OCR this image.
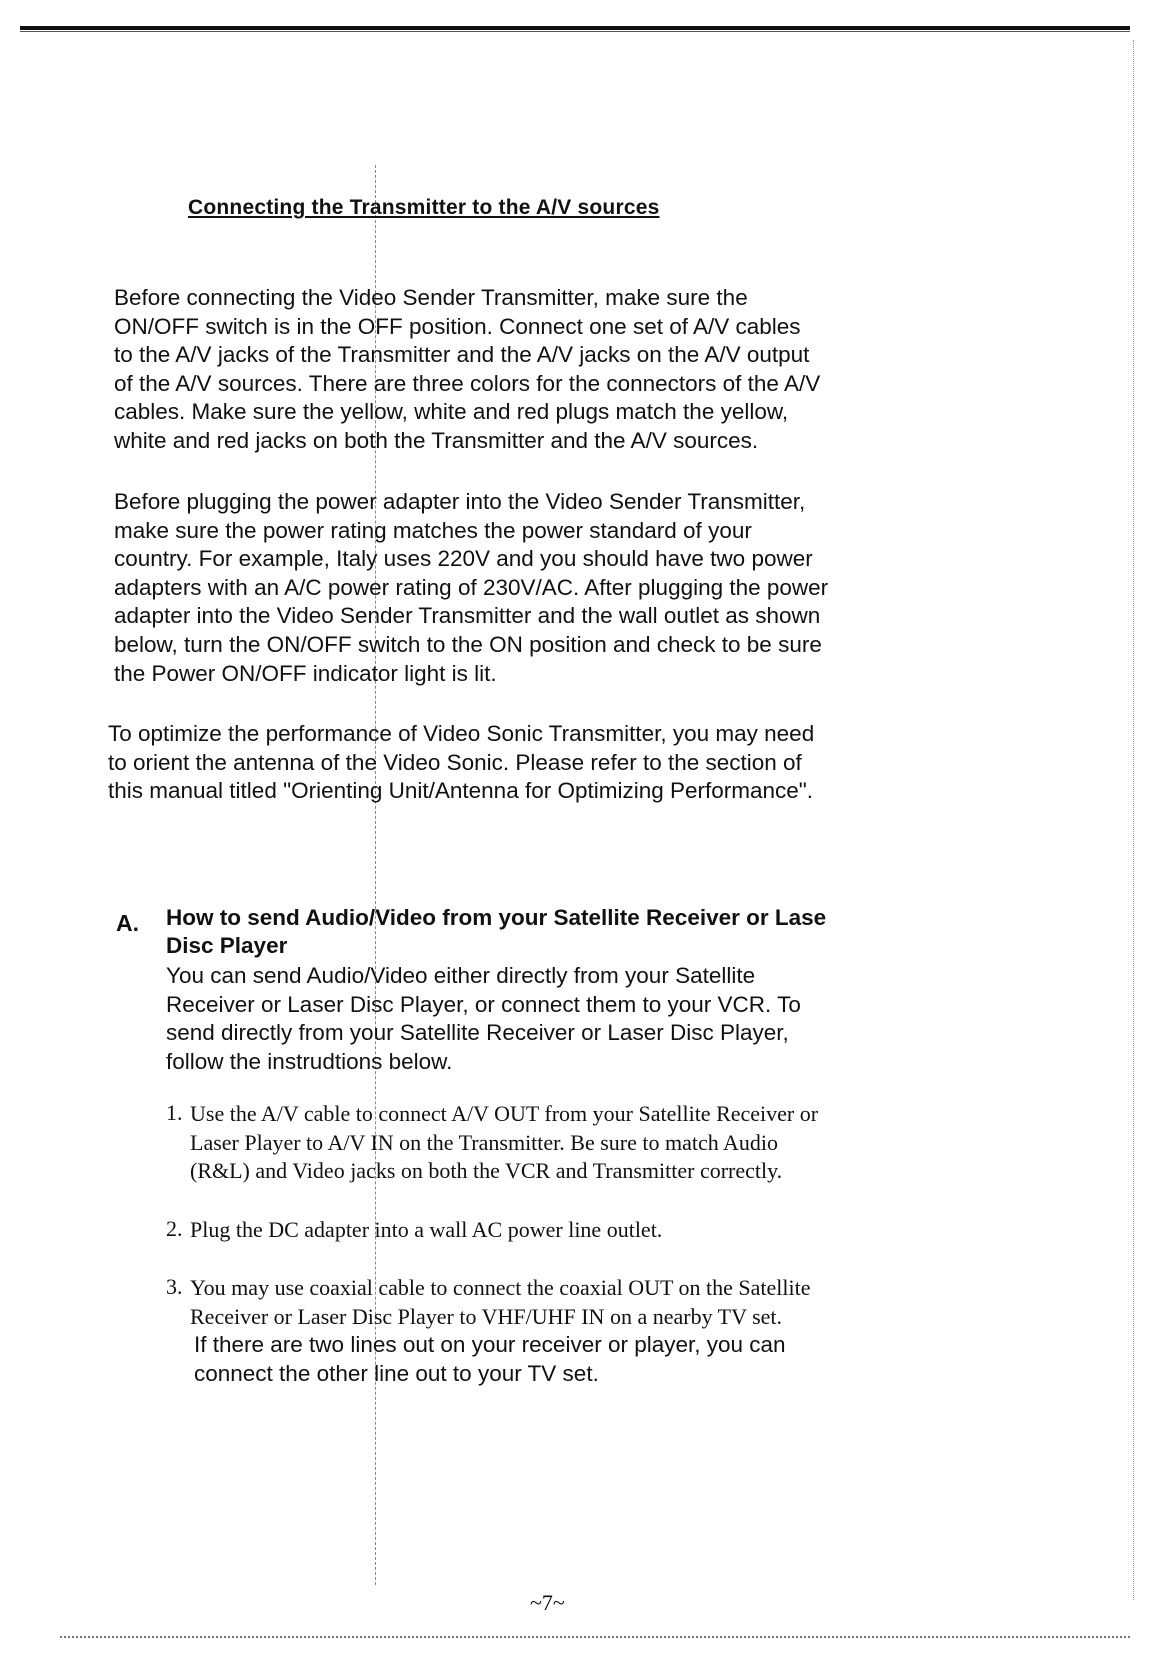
Connecting the Transmitter to the A/V sources
Before connecting the Video Sender Transmitter, make sure the
ON/OFF switch is in the OFF position. Connect one set of A/V cables
to the A/V jacks of the Transmitter and the A/V jacks on the A/V output
of the A/V sources. There are three colors for the connectors of the A/V
cables. Make sure the yellow, white and red plugs match the yellow,
white and red jacks on both the Transmitter and the A/V sources.
Before plugging the power adapter into the Video Sender Transmitter,
make sure the power rating matches the power standard of your
country. For example, Italy uses 220V and you should have two power
adapters with an A/C power rating of 230V/AC. After plugging the power
adapter into the Video Sender Transmitter and the wall outlet as shown
below, turn the ON/OFF switch to the ON position and check to be sure
the Power ON/OFF indicator light is lit.
To optimize the performance of Video Sonic Transmitter, you may need
to orient the antenna of the Video Sonic. Please refer to the section of
this manual titled "Orienting Unit/Antenna for Optimizing Performance".
A. How to send Audio/Video from your Satellite Receiver or Lase
Disc Player
You can send Audio/Video either directly from your Satellite
Receiver or Laser Disc Player, or connect them to your VCR. To
send directly from your Satellite Receiver or Laser Disc Player,
follow the instrudtions below.
1. Use the A/V cable to connect A/V OUT from your Satellite Receiver or
Laser Player to A/V IN on the Transmitter. Be sure to match Audio
(R&L) and Video jacks on both the VCR and Transmitter correctly.
2. Plug the DC adapter into a wall AC power line outlet.
3. You may use coaxial cable to connect the coaxial OUT on the Satellite
Receiver or Laser Disc Player to VHF/UHF IN on a nearby TV set.
If there are two lines out on your receiver or player, you can
connect the other line out to your TV set.
~7~
